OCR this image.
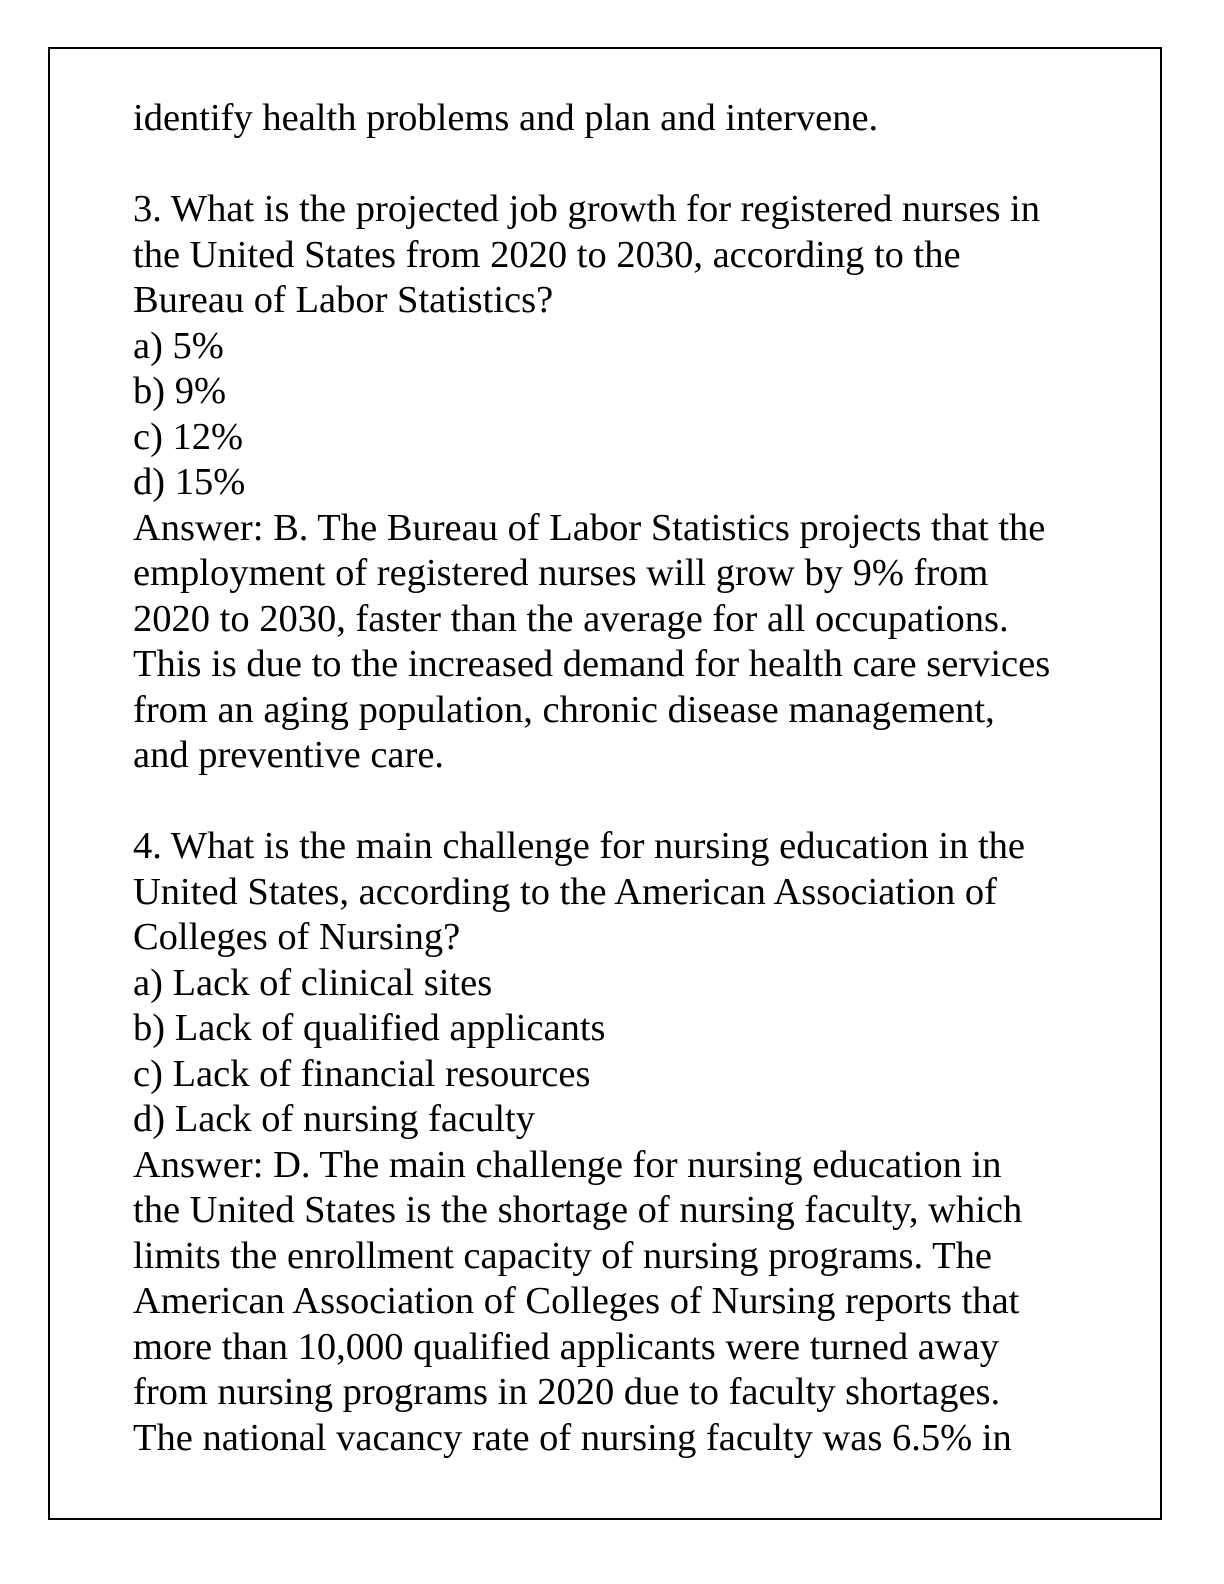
identify health problems and plan and intervene.
3. What is the projected job growth for registered nurses in
the United States from 2020 to 2030, according to the
Bureau of Labor Statistics?
a) 5%
b) 9%
c) 12%
d) 15%
Answer: B. The Bureau of Labor Statistics projects that the
employment of registered nurses will grow by 9% from
2020 to 2030, faster than the average for all occupations.
This is due to the increased demand for health care services
from an aging population, chronic disease management,
and preventive care.
4. What is the main challenge for nursing education in the
United States, according to the American Association of
Colleges of Nursing?
a) Lack of clinical sites
b) Lack of qualified applicants
c) Lack of financial resources
d) Lack of nursing faculty
Answer: D. The main challenge for nursing education in
the United States is the shortage of nursing faculty, which
limits the enrollment capacity of nursing programs. The
American Association of Colleges of Nursing reports that
more than 10,000 qualified applicants were turned away
from nursing programs in 2020 due to faculty shortages.
The national vacancy rate of nursing faculty was 6.5% in
